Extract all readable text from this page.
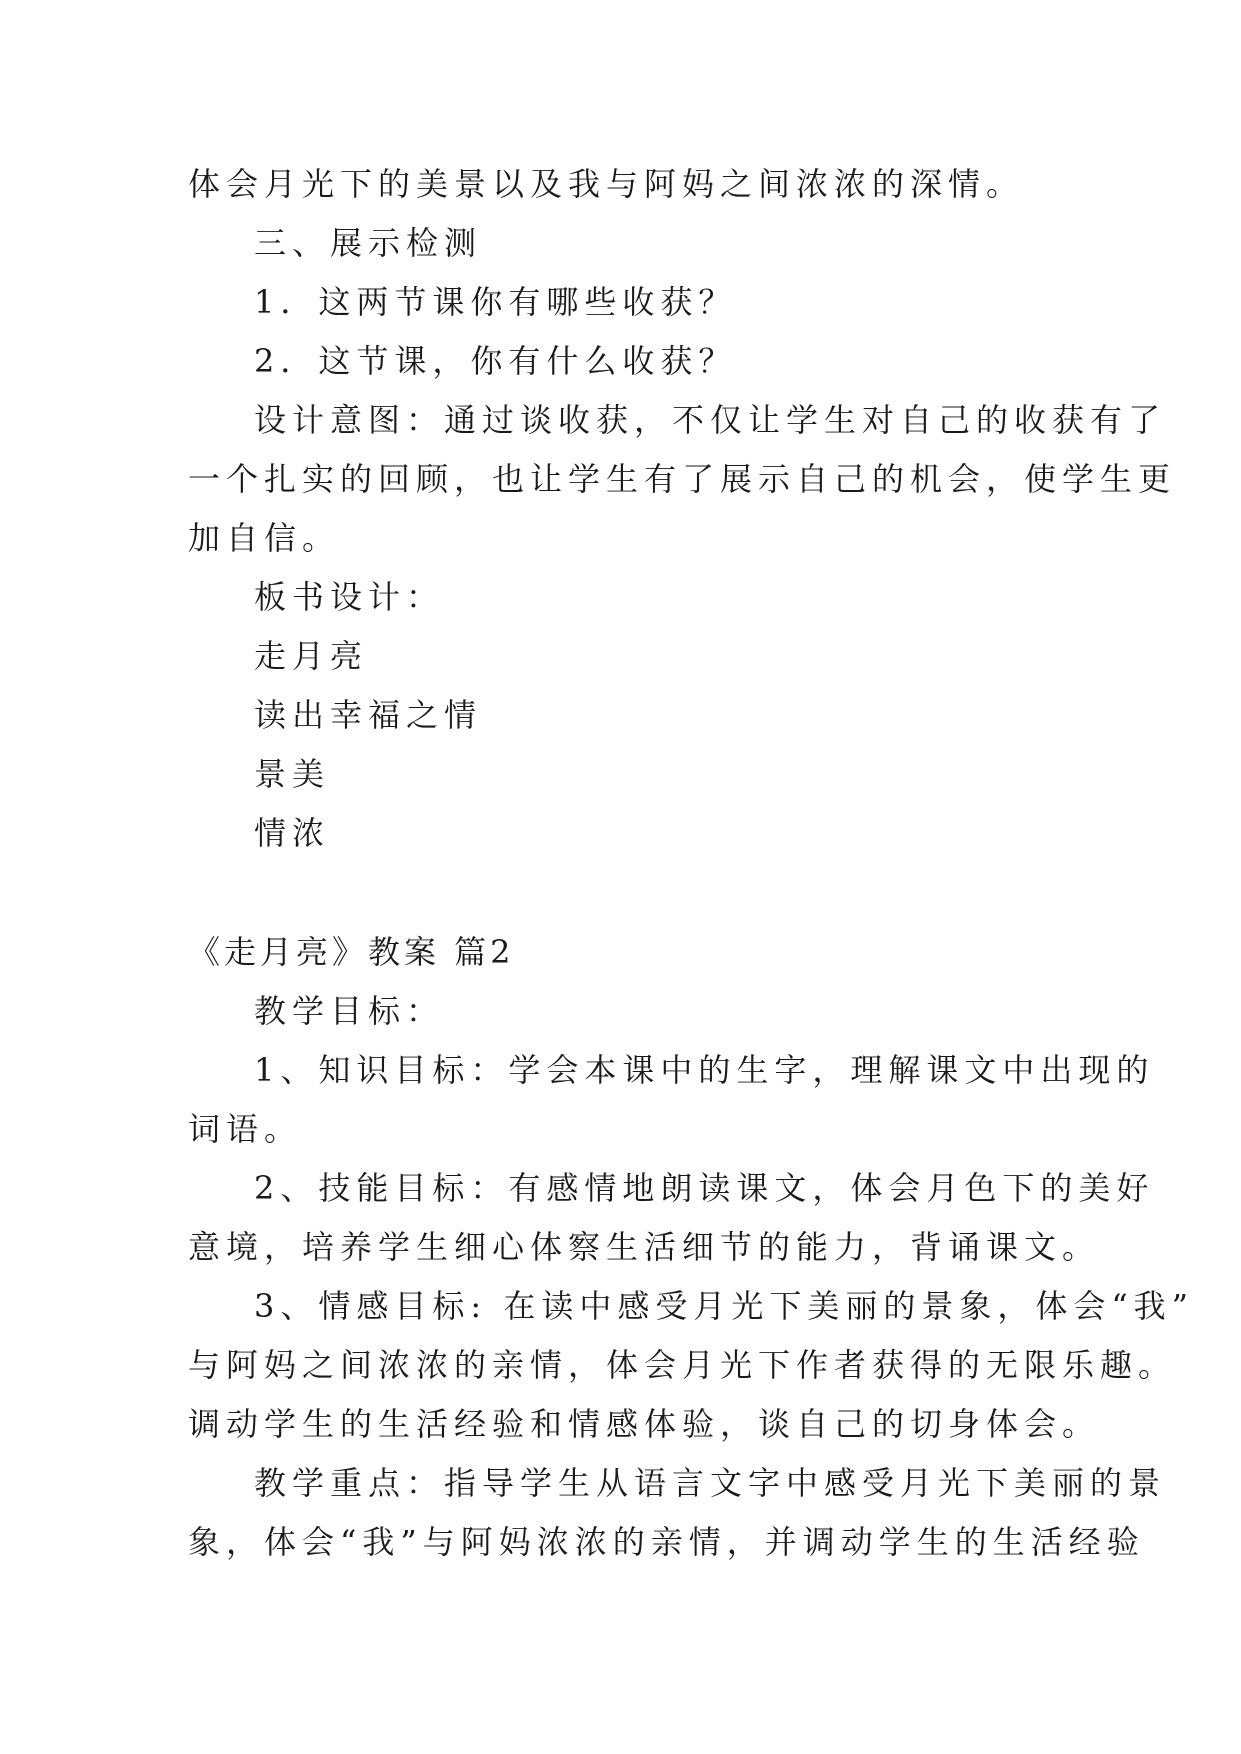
体会月光下的美景以及我与阿妈之间浓浓的深情。
三、展示检测
1．这两节课你有哪些收获？
2．这节课，你有什么收获？
设计意图：通过谈收获，不仅让学生对自己的收获有了
一个扎实的回顾，也让学生有了展示自己的机会，使学生更
加自信。
板书设计：
走月亮
读出幸福之情
景美
情浓
《走月亮》教案 篇2
教学目标：
1、知识目标：学会本课中的生字，理解课文中出现的
词语。
2、技能目标：有感情地朗读课文，体会月色下的美好
意境，培养学生细心体察生活细节的能力，背诵课文。
3、情感目标: 在读中感受月光下美丽的景象，体会“我”
与阿妈之间浓浓的亲情，体会月光下作者获得的无限乐趣。
调动学生的生活经验和情感体验，谈自己的切身体会。
教学重点：指导学生从语言文字中感受月光下美丽的景
象，体会“我”与阿妈浓浓的亲情，并调动学生的生活经验
